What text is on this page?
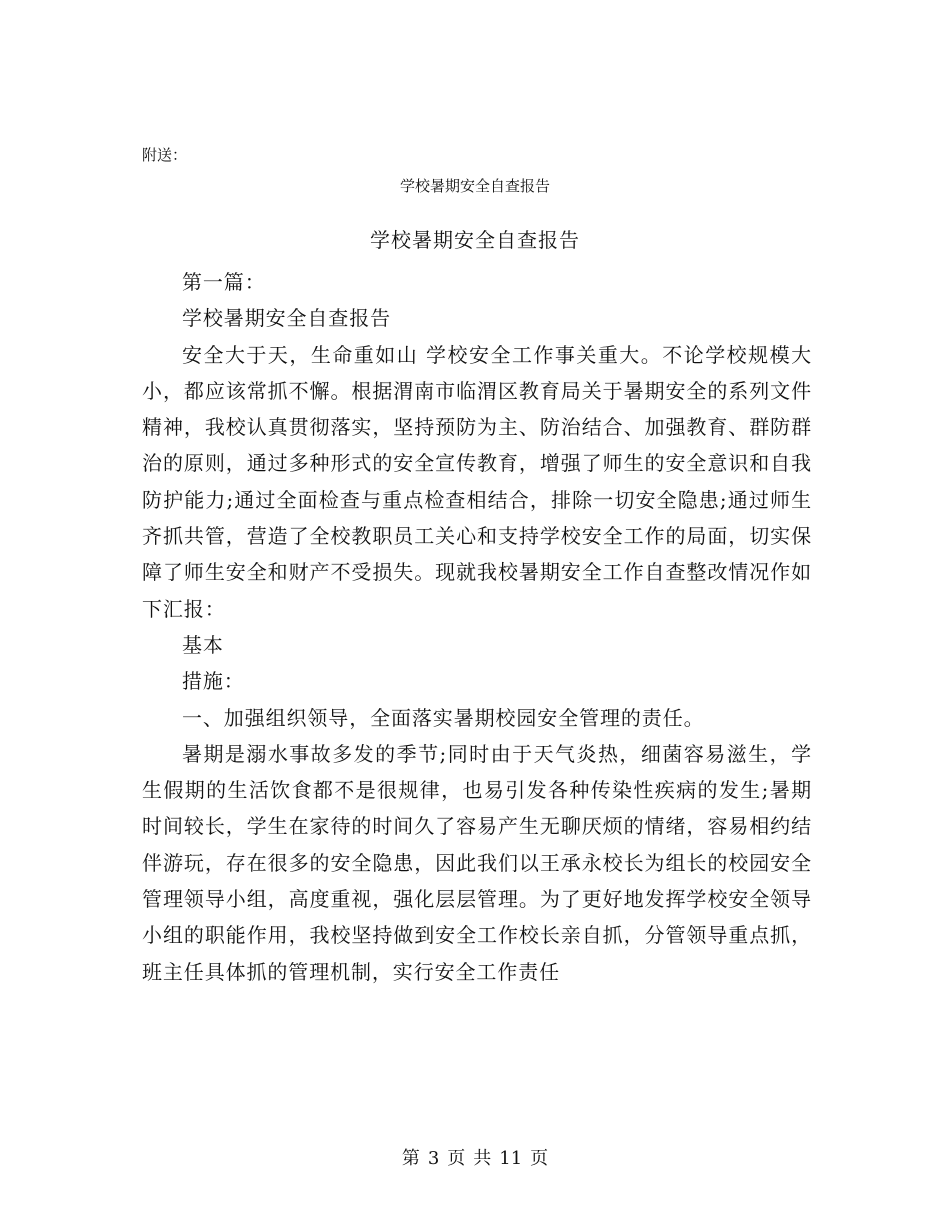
附送：
学校暑期安全自查报告
学校暑期安全自查报告

第一篇：

学校暑期安全自查报告

安全大于天，生命重如山 学校安全工作事关重大。不论学校规模大小，都应该常抓不懈。根据渭南市临渭区教育局关于暑期安全的系列文件精神，我校认真贯彻落实，坚持预防为主、防治结合、加强教育、群防群治的原则，通过多种形式的安全宣传教育，增强了师生的安全意识和自我防护能力;通过全面检查与重点检查相结合，排除一切安全隐患;通过师生齐抓共管，营造了全校教职员工关心和支持学校安全工作的局面，切实保障了师生安全和财产不受损失。现就我校暑期安全工作自查整改情况作如下汇报：

基本

措施：

一、加强组织领导，全面落实暑期校园安全管理的责任。

暑期是溺水事故多发的季节;同时由于天气炎热，细菌容易滋生，学生假期的生活饮食都不是很规律，也易引发各种传染性疾病的发生;暑期时间较长，学生在家待的时间久了容易产生无聊厌烦的情绪，容易相约结伴游玩，存在很多的安全隐患，因此我们以王承永校长为组长的校园安全管理领导小组，高度重视，强化层层管理。为了更好地发挥学校安全领导小组的职能作用，我校坚持做到安全工作校长亲自抓，分管领导重点抓，班主任具体抓的管理机制，实行安全工作责任

第 3 页 共 11 页
